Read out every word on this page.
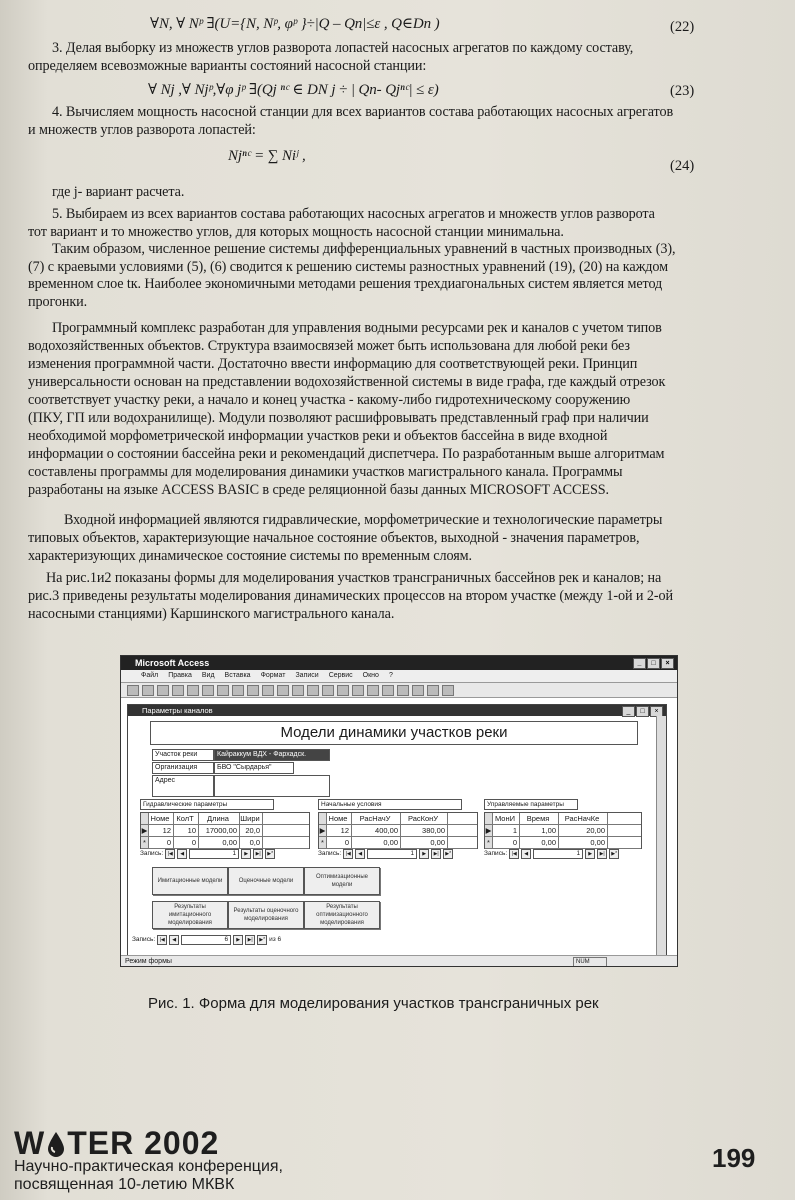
∀N, ∀ Nᵖ ∃(U={N, Nᵖ, φᵖ }÷|Q – Qn|≤ε , Q∈Dn )
3. Делая выборку из множеств углов разворота лопастей насосных агрегатов по каждому составу,
определяем всевозможные варианты состояний насосной станции:
∀ Nj ,∀ Njᵖ,∀φ jᵖ ∃(Qj ⁿᶜ ∈ DN j ÷ | Qn- Qjⁿᶜ| ≤ ε)
4. Вычисляем мощность насосной станции для всех вариантов состава работающих насосных агрегатов
и множеств углов разворота лопастей:
Njⁿᶜ = ∑ Niʲ ,
где j- вариант расчета.
5. Выбираем из всех вариантов состава работающих насосных агрегатов и множеств углов разворота
тот вариант и то множество углов, для которых мощность насосной станции минимальна.
Таким образом, численное решение системы дифференциальных уравнений в частных производных (3),
(7) с краевыми условиями (5), (6) сводится к решению системы разностных уравнений (19), (20) на каждом
временном слое tк. Наиболее экономичными методами решения трехдиагональных систем является метод
прогонки.
Программный комплекс разработан для управления водными ресурсами рек и каналов с учетом типов
водохозяйственных объектов. Структура взаимосвязей может быть использована для любой реки без
изменения программной части. Достаточно ввести информацию для соответствующей реки. Принцип
универсальности основан на представлении водохозяйственной системы в виде графа, где каждый отрезок
соответствует участку реки, а начало и конец участка - какому-либо гидротехническому сооружению
(ПКУ, ГП или водохранилище). Модули позволяют расшифровывать представленный граф при наличии
необходимой морфометрической информации участков реки и объектов бассейна в виде входной
информации о состоянии бассейна реки и рекомендаций диспетчера. По разработанным выше алгоритмам
составлены программы для моделирования динамики участков магистрального канала. Программы
разработаны на языке ACCESS BASIC в среде реляционной базы данных MICROSOFT ACCESS.
Входной информацией являются гидравлические, морфометрические и технологические параметры
типовых объектов, характеризующие начальное состояние объектов, выходной - значения параметров,
характеризующих динамическое состояние системы по временным слоям.
На рис.1и2 показаны формы для моделирования участков трансграничных бассейнов рек и каналов; на
рис.3 приведены результаты моделирования динамических процессов на втором участке (между 1-ой и 2-ой
насосными станциями) Каршинского магистрального канала.
(22)
(23)
(24)
Microsoft Access	_	□	×
Файл Правка Вид Вставка Формат Записи Сервис Окно ?
Параметры каналов	_	□	×
Модели динамики участков реки
Участок реки	Кайраккум ВДХ - Фархадск.
Организация	БВО "Сырдарья"
Адрес
Гидравлические параметры
Номе КолТ	Длина	Шири
▶	12	10	17000,00	20,0
*	0	0	0,00	0,0
Запись: |◀	◀	1	▶	▶|	▶*
Начальные условия
Номе	РасНачУ	РасКонУ
▶	12	400,00	380,00
*	0	0,00	0,00
Запись: |◀	◀	1	▶	▶|	▶*
Управляемые параметры
МонИ	Время	РасНачКе
▶	1	1,00	20,00
*	0	0,00	0,00
Запись: |◀	◀	1	▶	▶|	▶*
Имитационные модели	Оценочные модели
Оптимизационные модели
Результаты имитационного моделирования
Результаты оценочного моделирования
Результаты оптимизационного моделирования
Запись: |◀	◀	6	▶	▶|	▶* из 6
Режим формы	NUM
Рис. 1. Форма для моделирования участков трансграничных рек
W TER 2002
Научно-практическая конференция,
посвященная 10-летию МКВК
199
